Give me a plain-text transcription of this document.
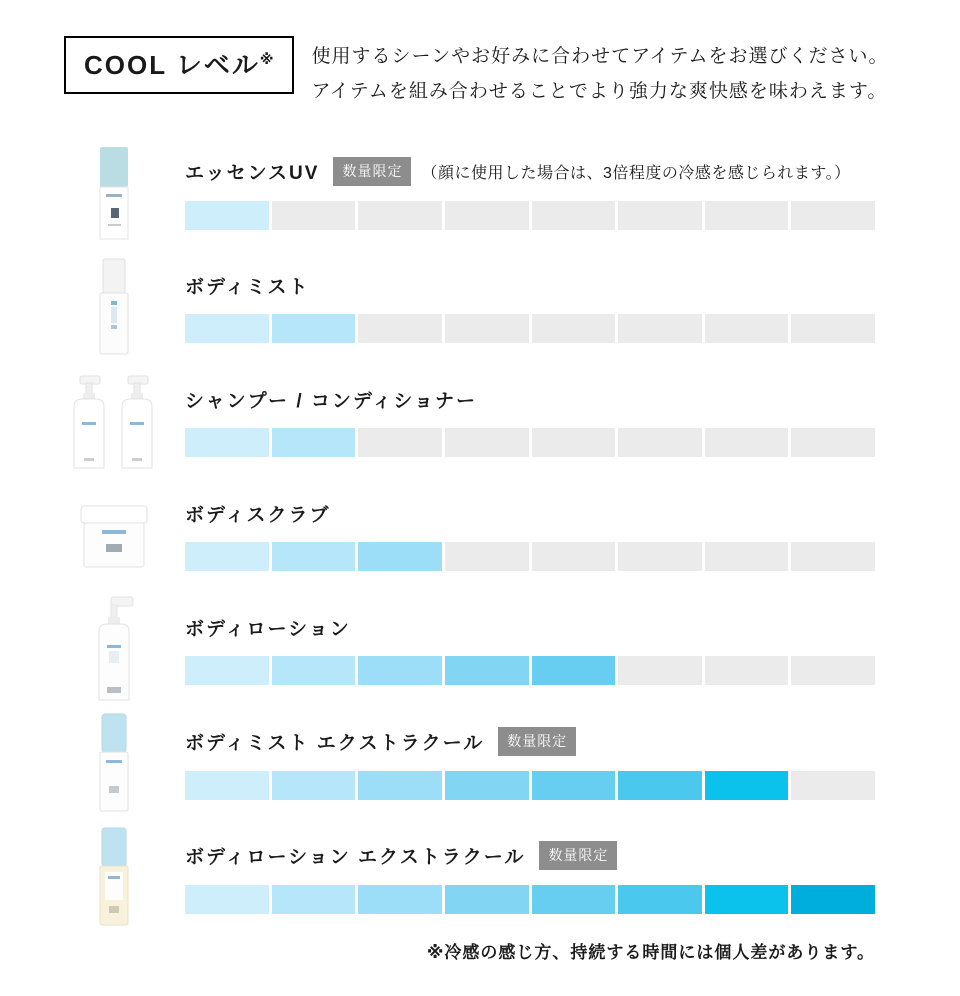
COOL レベル※	使用するシーンやお好みに合わせてアイテムをお選びください。
アイテムを組み合わせることでより強力な爽快感を味わえます。
エッセンスUV	数量限定	（顔に使用した場合は、3倍程度の冷感を感じられます。）
ボディミスト
シャンプー / コンディショナー
ボディスクラブ
ボディローション
ボディミスト エクストラクール	数量限定
ボディローション エクストラクール	数量限定
※冷感の感じ方、持続する時間には個人差があります。
